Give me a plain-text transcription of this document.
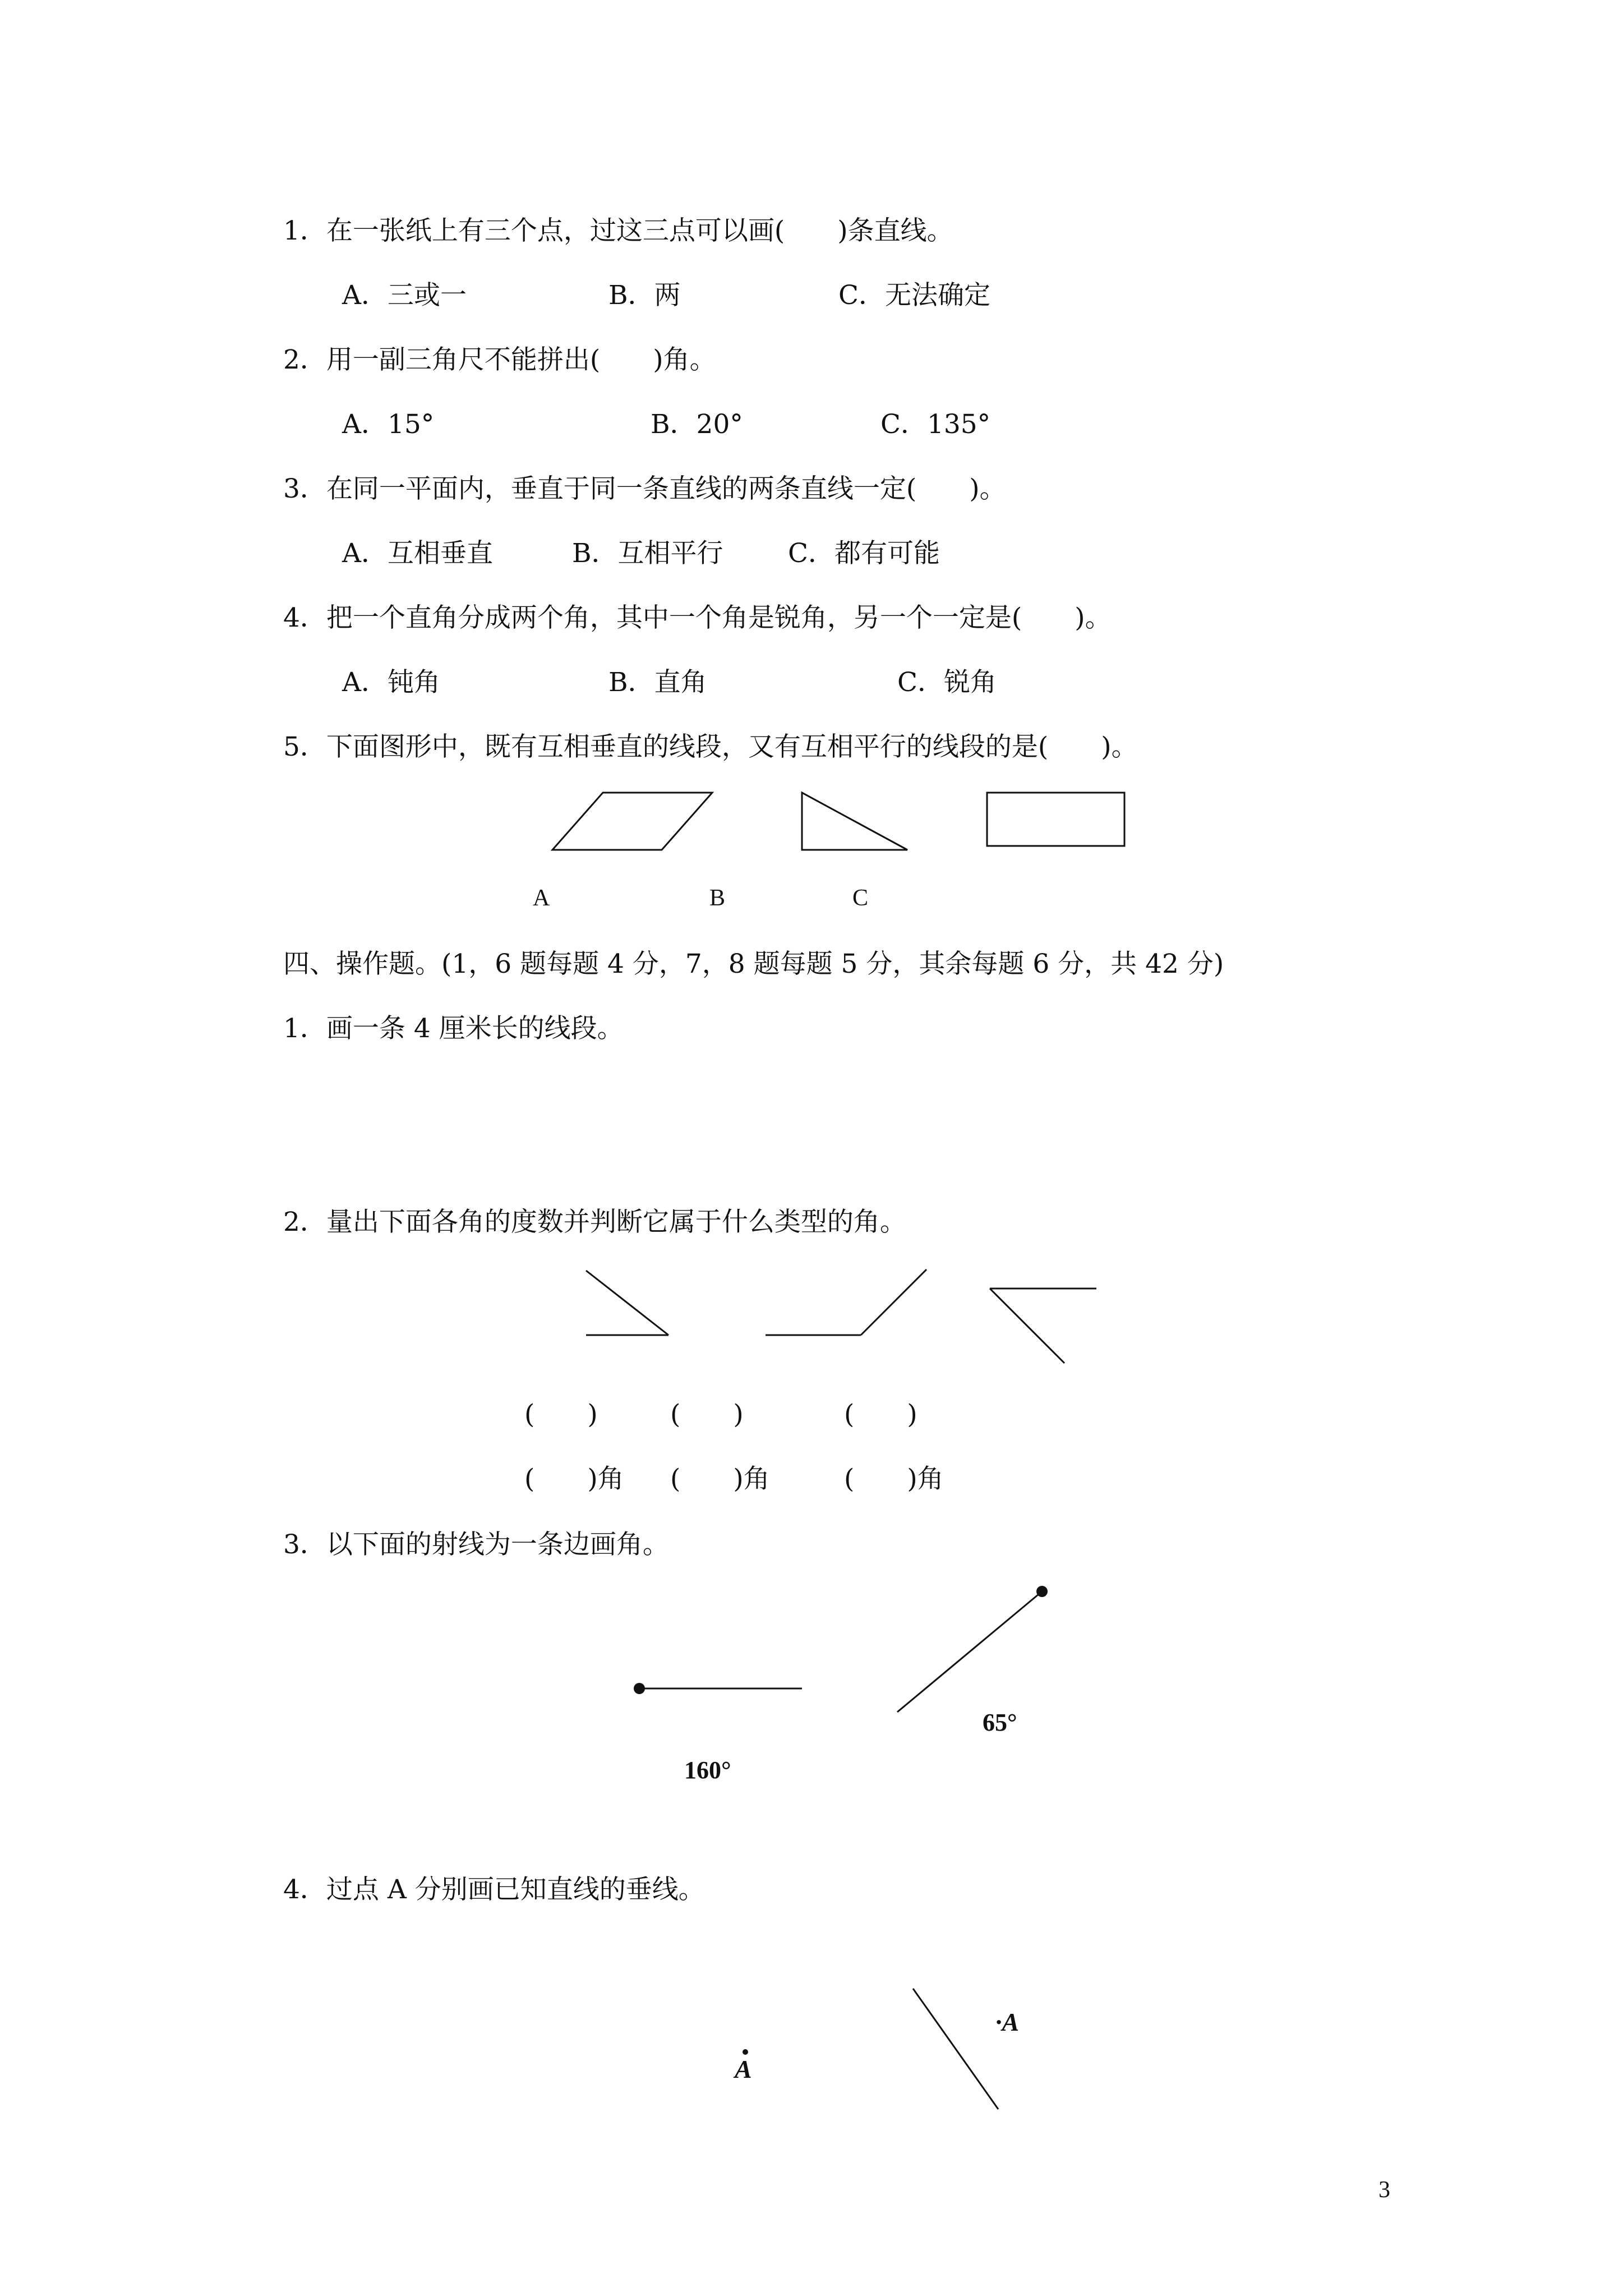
1．在一张纸上有三个点，过这三点可以画(　　)条直线。
A．三或一	B．两	C．无法确定
2．用一副三角尺不能拼出(　　)角。
A．15°	B．20°	C．135°
3．在同一平面内，垂直于同一条直线的两条直线一定(　　)。
A．互相垂直	B．互相平行 C．都有可能
4．把一个直角分成两个角，其中一个角是锐角，另一个一定是(　　)。
A．钝角	B．直角	C．锐角
5．下面图形中，既有互相垂直的线段，又有互相平行的线段的是(　　)。
A	B	C
四、操作题。(1，6 题每题 4 分，7，8 题每题 5 分，其余每题 6 分，共 42 分)
1．画一条 4 厘米长的线段。
2．量出下面各角的度数并判断它属于什么类型的角。
(　　)	(　　)	(　　)
(　　)角 (　　)角	(　　)角
3．以下面的射线为一条边画角。
160°
65°
4．过点 A 分别画已知直线的垂线。
A
·A
3
